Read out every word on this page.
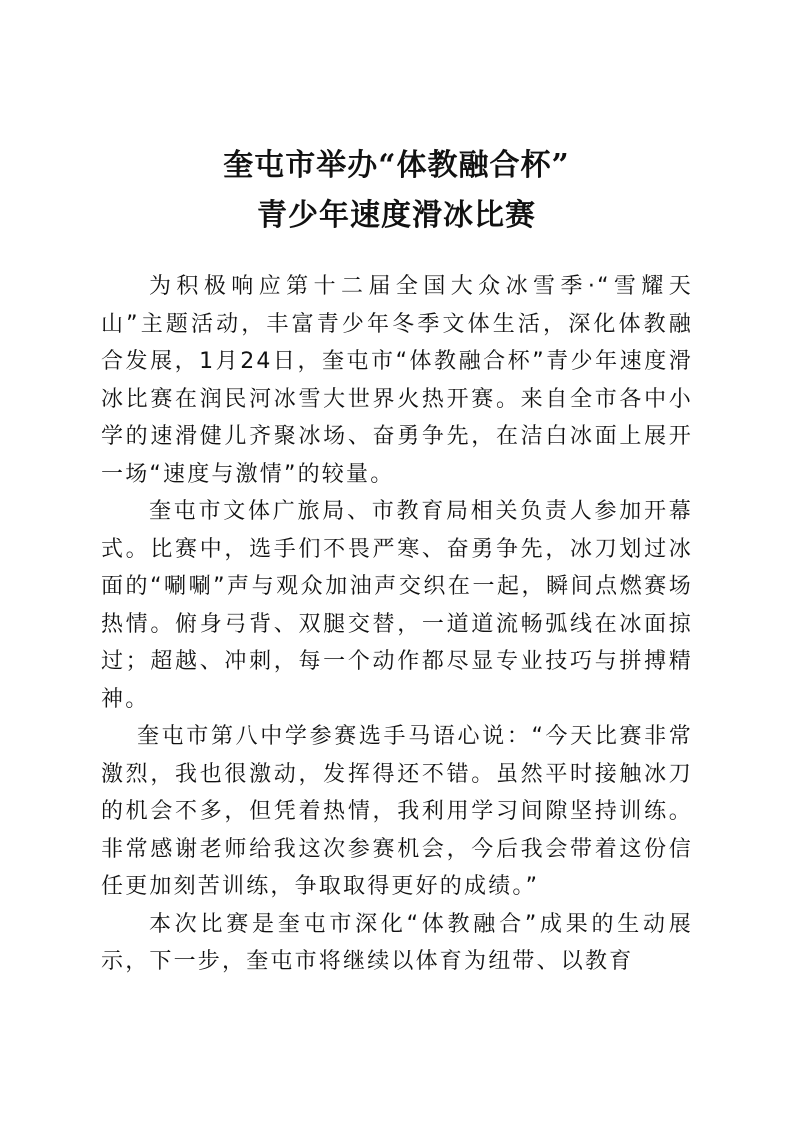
奎屯市举办“体教融合杯”
青少年速度滑冰比赛

为积极响应第十二届全国大众冰雪季·“雪耀天山”主题活动，丰富青少年冬季文体生活，深化体教融合发展，1月24日，奎屯市“体教融合杯”青少年速度滑冰比赛在润民河冰雪大世界火热开赛。来自全市各中小学的速滑健儿齐聚冰场、奋勇争先，在洁白冰面上展开一场“速度与激情”的较量。

奎屯市文体广旅局、市教育局相关负责人参加开幕式。比赛中，选手们不畏严寒、奋勇争先，冰刀划过冰面的“唰唰”声与观众加油声交织在一起，瞬间点燃赛场热情。俯身弓背、双腿交替，一道道流畅弧线在冰面掠过；超越、冲刺，每一个动作都尽显专业技巧与拼搏精神。

奎屯市第八中学参赛选手马语心说：“今天比赛非常激烈，我也很激动，发挥得还不错。虽然平时接触冰刀的机会不多，但凭着热情，我利用学习间隙坚持训练。非常感谢老师给我这次参赛机会，今后我会带着这份信任更加刻苦训练，争取取得更好的成绩。”

本次比赛是奎屯市深化“体教融合”成果的生动展示，下一步，奎屯市将继续以体育为纽带、以教育
